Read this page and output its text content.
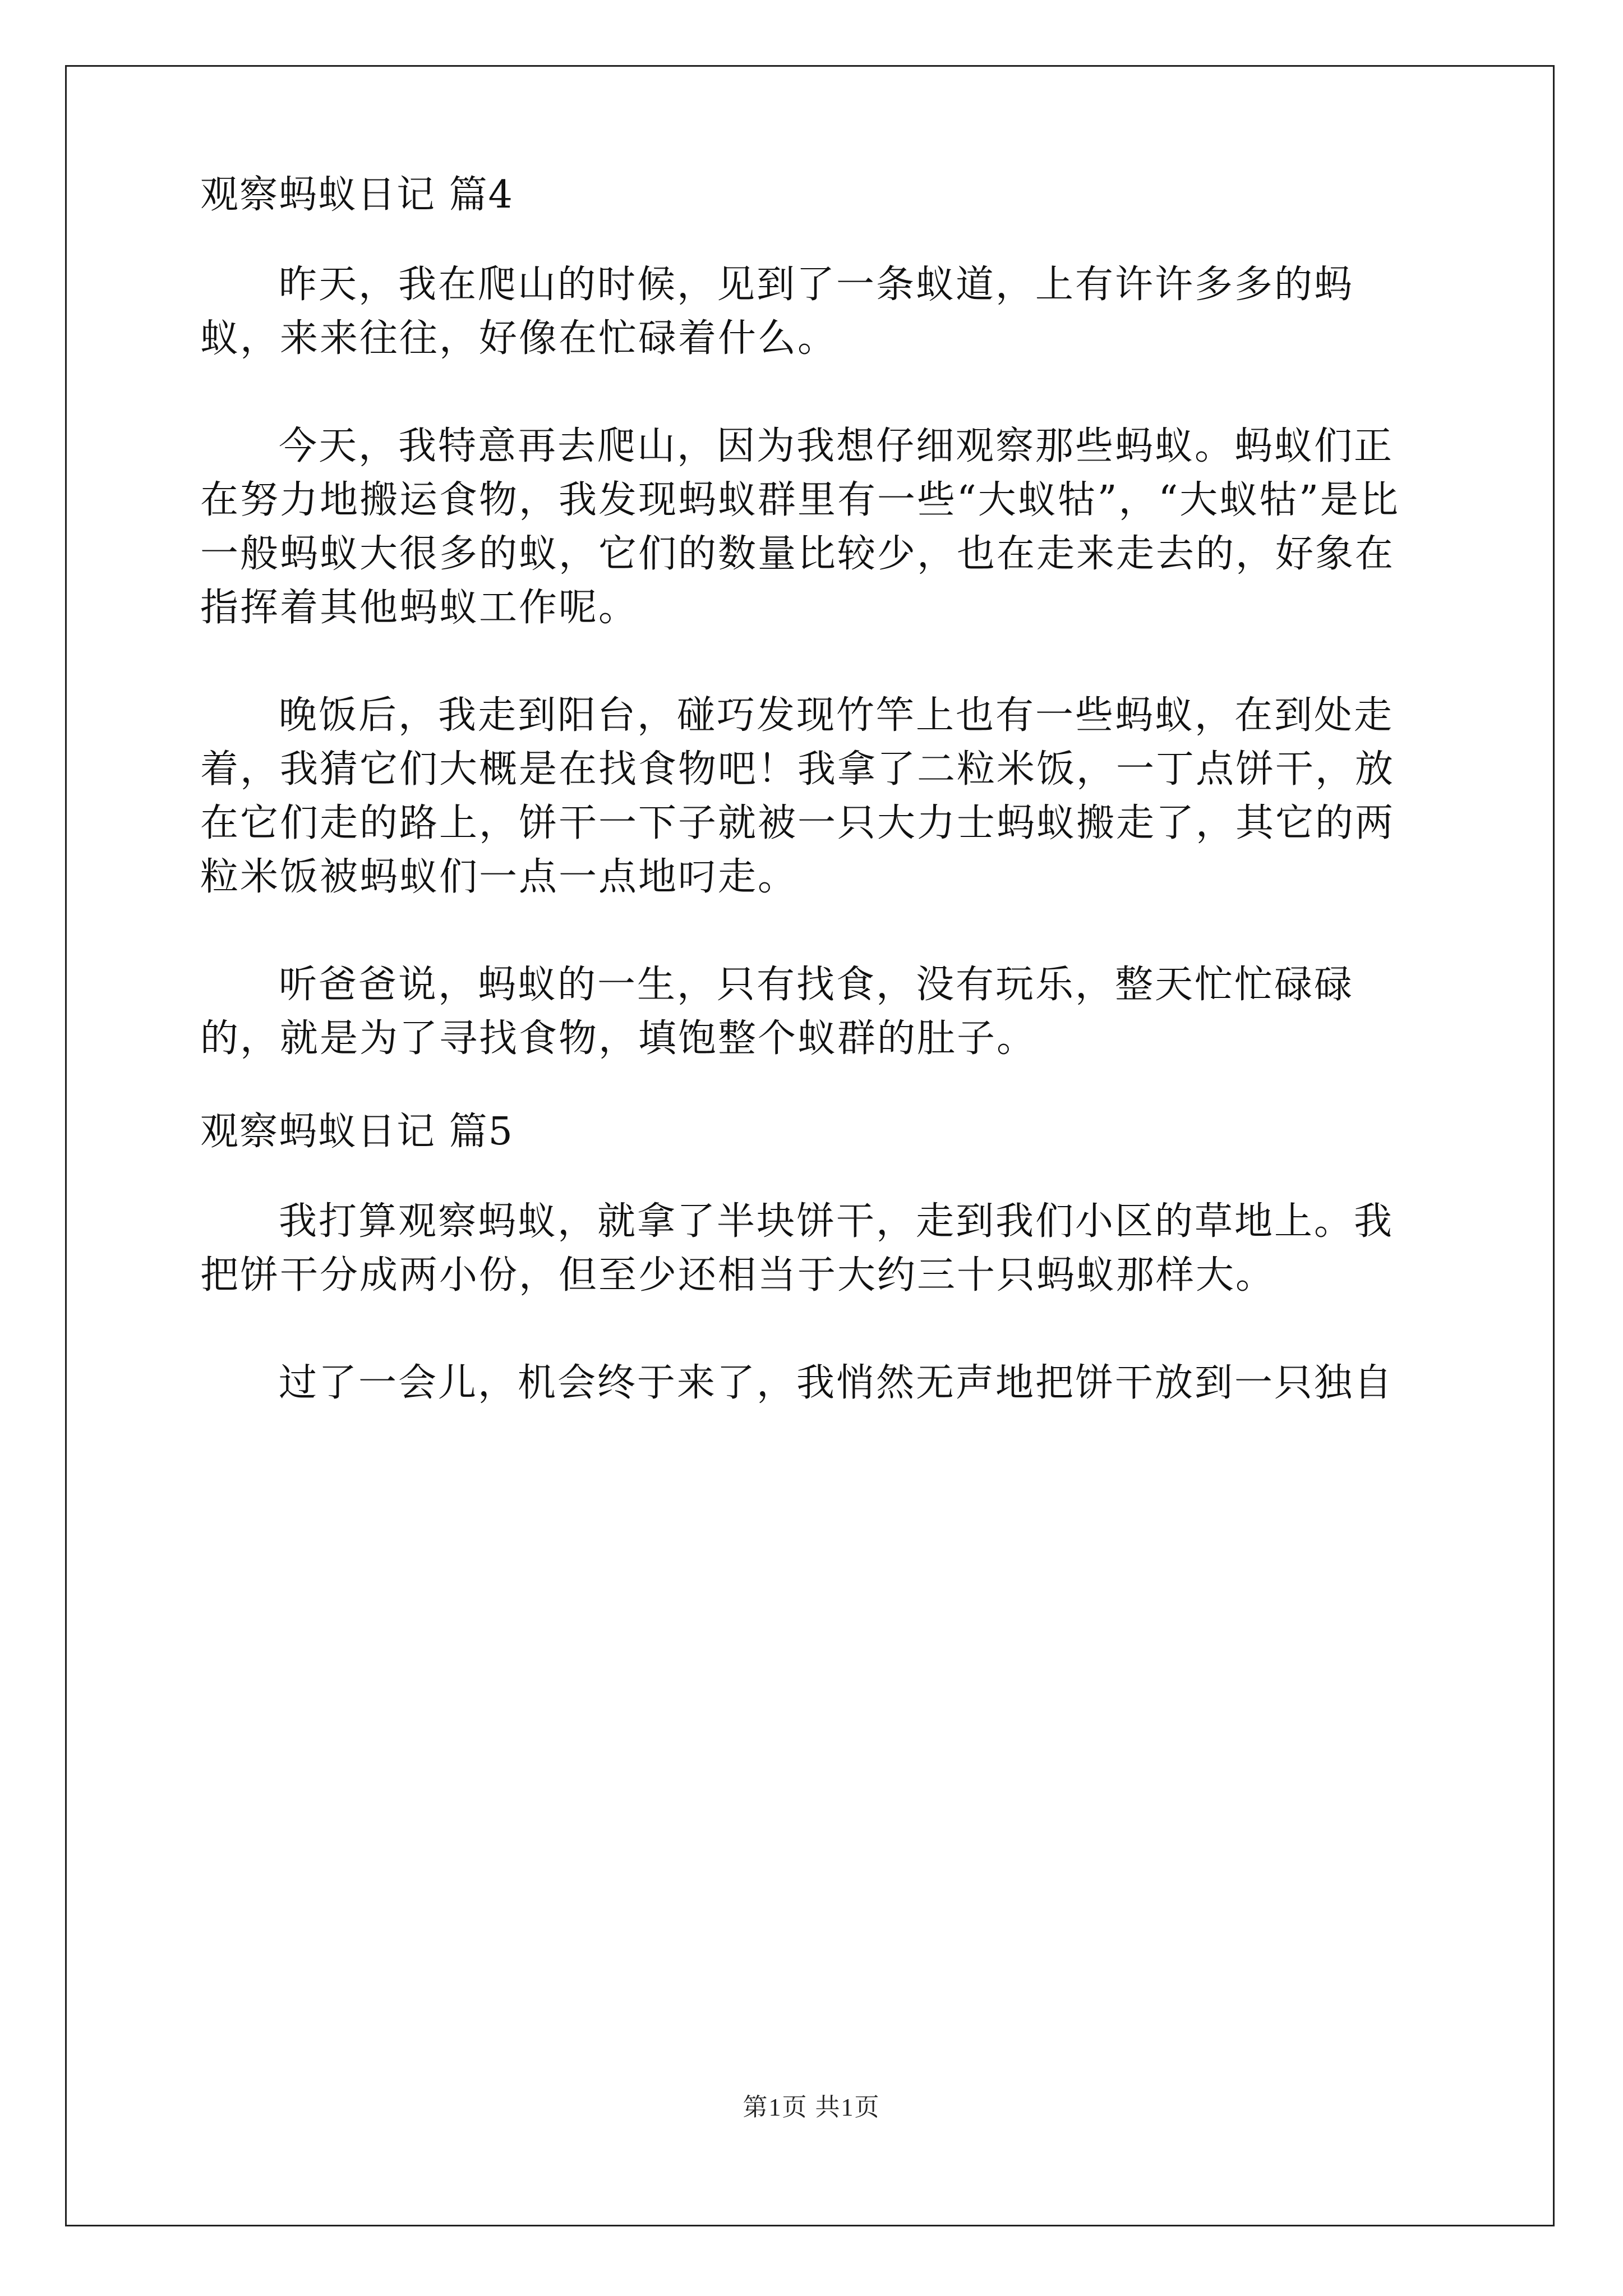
观察蚂蚁日记 篇4

昨天，我在爬山的时候，见到了一条蚁道，上有许许多多的蚂蚁，来来往往，好像在忙碌着什么。

今天，我特意再去爬山，因为我想仔细观察那些蚂蚁。蚂蚁们正在努力地搬运食物，我发现蚂蚁群里有一些“大蚁牯”，“大蚁牯”是比一般蚂蚁大很多的蚁，它们的数量比较少，也在走来走去的，好象在指挥着其他蚂蚁工作呢。

晚饭后，我走到阳台，碰巧发现竹竿上也有一些蚂蚁，在到处走着，我猜它们大概是在找食物吧！我拿了二粒米饭，一丁点饼干，放在它们走的路上，饼干一下子就被一只大力士蚂蚁搬走了，其它的两粒米饭被蚂蚁们一点一点地叼走。

听爸爸说，蚂蚁的一生，只有找食，没有玩乐，整天忙忙碌碌的，就是为了寻找食物，填饱整个蚁群的肚子。

观察蚂蚁日记 篇5

我打算观察蚂蚁，就拿了半块饼干，走到我们小区的草地上。我把饼干分成两小份，但至少还相当于大约三十只蚂蚁那样大。

过了一会儿，机会终于来了，我悄然无声地把饼干放到一只独自

第1页 共1页
